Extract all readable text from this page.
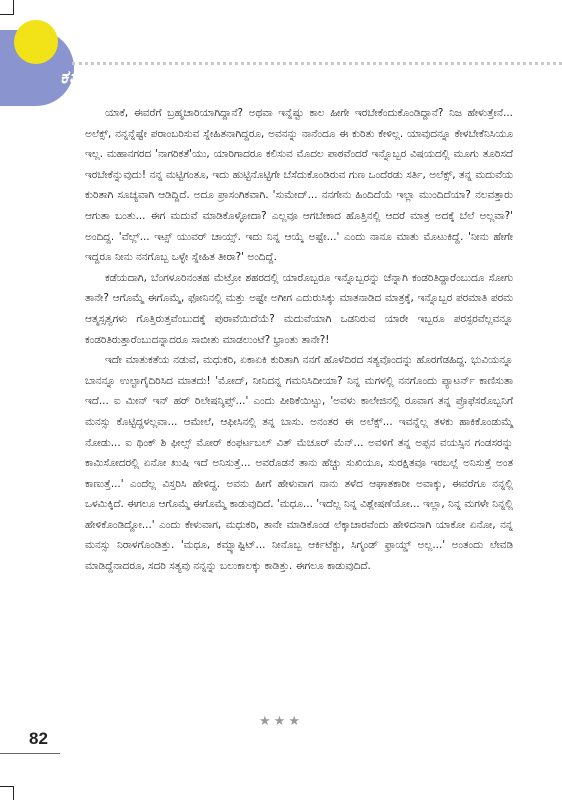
ಕತೆ

ಯಾಕೆ, ಈವರೆಗೆ ಬ್ರಹ್ಮಚಾರಿಯಾಗಿದ್ದಾನೆ? ಅಥವಾ ಇನ್ನೆಷ್ಟು ಕಾಲ ಹೀಗೇ ಇರಬೇಕೆಂದುಕೊಂಡಿದ್ದಾನೆ? ನಿಜ ಹೇಳುತ್ತೇನೆ... ಅಲೆಕ್ಸ್, ನನ್ನನ್ನೆಷ್ಟೇ ಪರಾಂಬರಿಸುವ ಸ್ನೇಹಿತನಾಗಿದ್ದರೂ, ಅವನನ್ನು ನಾನೆಂದೂ ಈ ಕುರಿತು ಕೇಳಿಲ್ಲ. ಯಾವುದನ್ನೂ ಕೇಳಬೇಕೆನಿಸಿಯೂ ಇಲ್ಲ. ಮಹಾನಗರದ 'ನಾಗರಿಕತೆ'ಯು, ಯಾರಿಗಾದರೂ ಕಲಿಸುವ ಮೊದಲ ಪಾಠವೆಂದರೆ ಇನ್ನೊಬ್ಬರ ವಿಷಯದಲ್ಲಿ ಮೂಗು ತೂರಿಸದೆ ಇರಬೇಕೆನ್ನುವುದು! ನನ್ನ ಮಟ್ಟಿಗಂತೂ, ಇದು ಹುಟ್ಟಿನೊಟ್ಟಿಗೇ ಬೆಸೆದುಕೊಂಡಿರುವ ಗುಣ ಒಂದೆರಡು ಸರ್ತಿ, ಅಲೆಕ್ಸ್, ತನ್ನ ಮದುವೆಯ ಕುರಿತಾಗಿ ಸೂಚ್ಯವಾಗಿ ಆಡಿದ್ದಿದೆ. ಅದೂ ಪ್ರಾಸಂಗಿಕವಾಗಿ. 'ಸುಮೇದ್... ನನಗೇನು ಹಿಂದಿದೆಯೆ ಇಲ್ಲಾ ಮುಂದಿದೆಯಾ? ನಲವತ್ತಾರು ಆಗುತಾ ಬಂತು... ಈಗ ಮದುವೆ ಮಾಡಿಕೊಳ್ಳೋದಾ? ಎಲ್ಲವೂ ಆಗಬೇಕಾದ ಹೊತ್ತಿನಲ್ಲಿ ಆದರೆ ಮಾತ್ರ ಅದಕ್ಕೆ ಬೆಲೆ ಅಲ್ಲವಾ?' ಅಂದಿದ್ದ. 'ವೆಲ್ಲ್... ಇಟ್ಸ್ ಯುವರ್ ಚಾಯ್ಸ್. ಇದು ನಿನ್ನ ಆಯ್ಕೆ ಅಷ್ಟೇ...' ಎಂದು ನಾನೂ ಮಾತು ಮೊಟುಕಿದ್ದೆ. 'ನೀನು ಹೇಗೇ ಇದ್ದರೂ ನೀನು ನನಗೊಬ್ಬ ಒಳ್ಳೇ ಸ್ನೇಹಿತ ತೀರಾ?' ಅಂದಿದ್ದೆ.

ಕಡೆಯದಾಗಿ, ಬೆಂಗಳೂರಿನಂತಹ ಮೆಟ್ರೋ ಶಹರದಲ್ಲಿ ಯಾರೊಬ್ಬರೂ ಇನ್ನೊಬ್ಬರನ್ನು ಚೆನ್ನಾಗಿ ಕಂಡರಿತಿದ್ದಾರೆಂಬುದೂ ಸೋಗು ತಾನೇ? ಆಗೊಮ್ಮೆ ಈಗೊಮ್ಮೆ, ಫೋನಿನಲ್ಲಿ ಮತ್ತು ಅಷ್ಟೇ ಅಗೀಗ ಎದುರುಸಿಕ್ಕು ಮಾತನಾಡಿದ ಮಾತ್ರಕ್ಕೆ, ಇನ್ನೊಬ್ಬರ ಪರಮಾತಿ ಪರಮ ಆತ್ಮಸ್ಸತ್ವಗಳು ಗೊತ್ತಿರುತ್ತವೆಂಬುದಕ್ಕೆ ಪುರಾವೆಯಿದೆಯೆ? ಮದುವೆಯಾಗಿ ಒಡನಿರುವ ಯಾರೇ ಇಬ್ಬರೂ ಪರಸ್ಪರವೆಲ್ಲವನ್ನೂ ಕಂಡರಿತಿರುತ್ತಾರೆಂಬುದನ್ನಾದರೂ ಸಾಬೀತು ಮಾಡಲುಂಟೆ? ಭ್ರಾಂತು ತಾನೇ?!

ಇದೇ ಮಾತುಕತೆಯ ನಡುವೆ, ಮಧುಕರಿ, ಏಕಾಏಕಿ ಕುರಿತಾಗಿ ನನಗೆ ಹೊಳೆದಿರದ ಸತ್ಯವೊಂದನ್ನು ಹೊರಗೆಡಹಿದ್ದ. ಭುವಿಯನ್ನೂ ಬಾನನ್ನೂ ಉಲ್ಟಾಗೈದಿರಿಸಿದ ಮಾತದು! 'ಮೋದ್, ನೀನಿದನ್ನ ಗಮನಿಸಿದೀಯಾ? ನಿನ್ನ ಮಗಳಲ್ಲಿ ನನಗೊಂದು ಪ್ಯಾಟರ್ನ್ ಕಾಣಿಸುತಾ ಇದೆ... ಐ ಮೀನ್ ಇನ್ ಹರ್ ರಿಲೇಷನ್ಶಿಪ್ಸ್...' ಎಂದು ಪೀಠಿಕೆಯಿಟ್ಟು, 'ಅವಳು ಕಾಲೇಜಿನಲ್ಲಿ ರೂವಾಗ ತನ್ನ ಪ್ರೊಫೆಸರೊಬ್ಬನಿಗೆ ಮನಸ್ಸು ಕೊಟ್ಟಿದ್ದಳಲ್ಲವಾ... ಆಮೇಲೆ, ಆಫೀಸಿನಲ್ಲಿ ತನ್ನ ಬಾಸು. ಅನಂತರ ಈ ಅಲೆಕ್ಸ್... ಇವನ್ನೆಲ್ಲ ತಳಕು ಹಾಕಿಕೊಂಡುಮ್ಮೆ ನೋಡು... ಐ ಥಿಂಕ್ ಶಿ ಫೀಲ್ಸ್ ಮೋರ್ ಕಂಫರ್ಟಬಲ್ ವಿತ್ ಮೆಚೂರ್ ಮೆನ್... ಅವಳಿಗೆ ತನ್ನ ಅಪ್ಪನ ವಯಸ್ಸಿನ ಗಂಡಸರನ್ನು ಕಾಮಿಸೋದರಲ್ಲಿ ಏನೋ ಖುಷಿ ಇದೆ ಅನಿಸುತ್ತೆ... ಅವರೊಡನೆ ತಾನು ಹೆಚ್ಚು ಸುಖಿಯೂ, ಸುರಕ್ಷಿತವೂ ಇರಬಲ್ಲೆ ಅನಿಸುತ್ತೆ ಅಂತ ಕಾಣುತ್ತೆ...' ಎಂದೆಲ್ಲ ವಿಸ್ತರಿಸಿ ಹೇಳಿದ್ದ. ಅವನು ಹೀಗೆ ಹೇಳುವಾಗ ನಾನು ತಳೆದ ಆಘಾತಕಾರೀ ಅವಾಕ್ಕು, ಈವರೆಗೂ ನನ್ನಲ್ಲಿ ಒಳಮಿಕ್ಕಿದೆ. ಈಗಲೂ ಆಗೊಮ್ಮೆ ಈಗೊಮ್ಮೆ ಕಾಡುವುದಿದೆ. 'ಮಧೂ... 'ಇದೆಲ್ಲ ನಿನ್ನ ವಿಶ್ಲೇಷಣೆಯೋ... ಇಲ್ಲಾ, ನಿನ್ನ ಮಗಳೇ ನಿನ್ನಲ್ಲಿ ಹೇಳಿಕೊಂಡಿದ್ದೋ...' ಎಂದು ಕೇಳುವಾಗ, ಮಧುಕರಿ, ತಾನೇ ಮಾಡಿಕೊಂಡ ಲೆಕ್ಕಾಚಾರವೆಂದು ಹೇಳಿದನಾಗಿ ಯಾಕೋ ಏನೋ, ನನ್ನ ಮನಸ್ಸು ನಿರಾಳಗೊಂಡಿತ್ತು. 'ಮಧೂ, ಕಮ್ಪ್ಯಾಷ್ಟಿಟ್... ನೀನೊಬ್ಬ ಆರ್ಕಿಟೆಕ್ಟು, ಸಿಗ್ಮಂಡ್ ಫ್ರಾಯ್ಡ್ ಅಲ್ಲ...' ಅಂತಂದು ಲೇವಡಿ ಮಾಡಿದ್ದೆನಾದರೂ, ಸದರಿ ಸತ್ಯವು ನನ್ನನ್ನು ಬಲುಕಾಲಕ್ಕು ಕಾಡಿತ್ತು. ಈಗಲೂ ಕಾಡುವುದಿದೆ.

★★★
82
